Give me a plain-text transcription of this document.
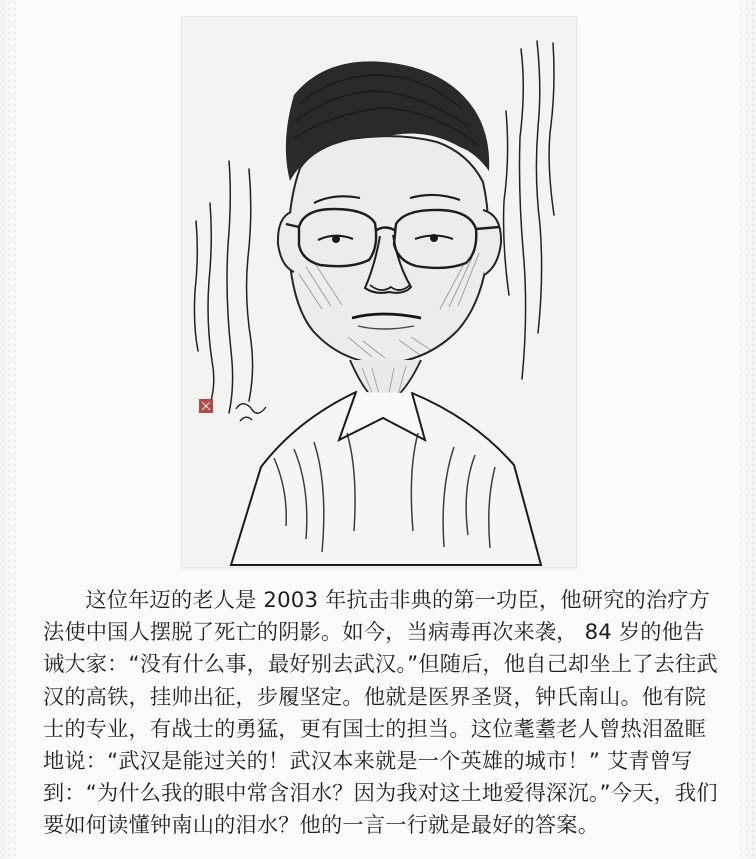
这位年迈的老人是 2003 年抗击非典的第一功臣，他研究的治疗方法使中国人摆脱了死亡的阴影。如今，当病毒再次来袭， 84 岁的他告诫大家：“没有什么事，最好别去武汉。”但随后，他自己却坐上了去往武汉的高铁，挂帅出征，步履坚定。他就是医界圣贤，钟氏南山。他有院士的专业，有战士的勇猛，更有国士的担当。这位耄耋老人曾热泪盈眶地说：“武汉是能过关的！武汉本来就是一个英雄的城市！” 艾青曾写到：“为什么我的眼中常含泪水？因为我对这土地爱得深沉。”今天，我们要如何读懂钟南山的泪水？他的一言一行就是最好的答案。
